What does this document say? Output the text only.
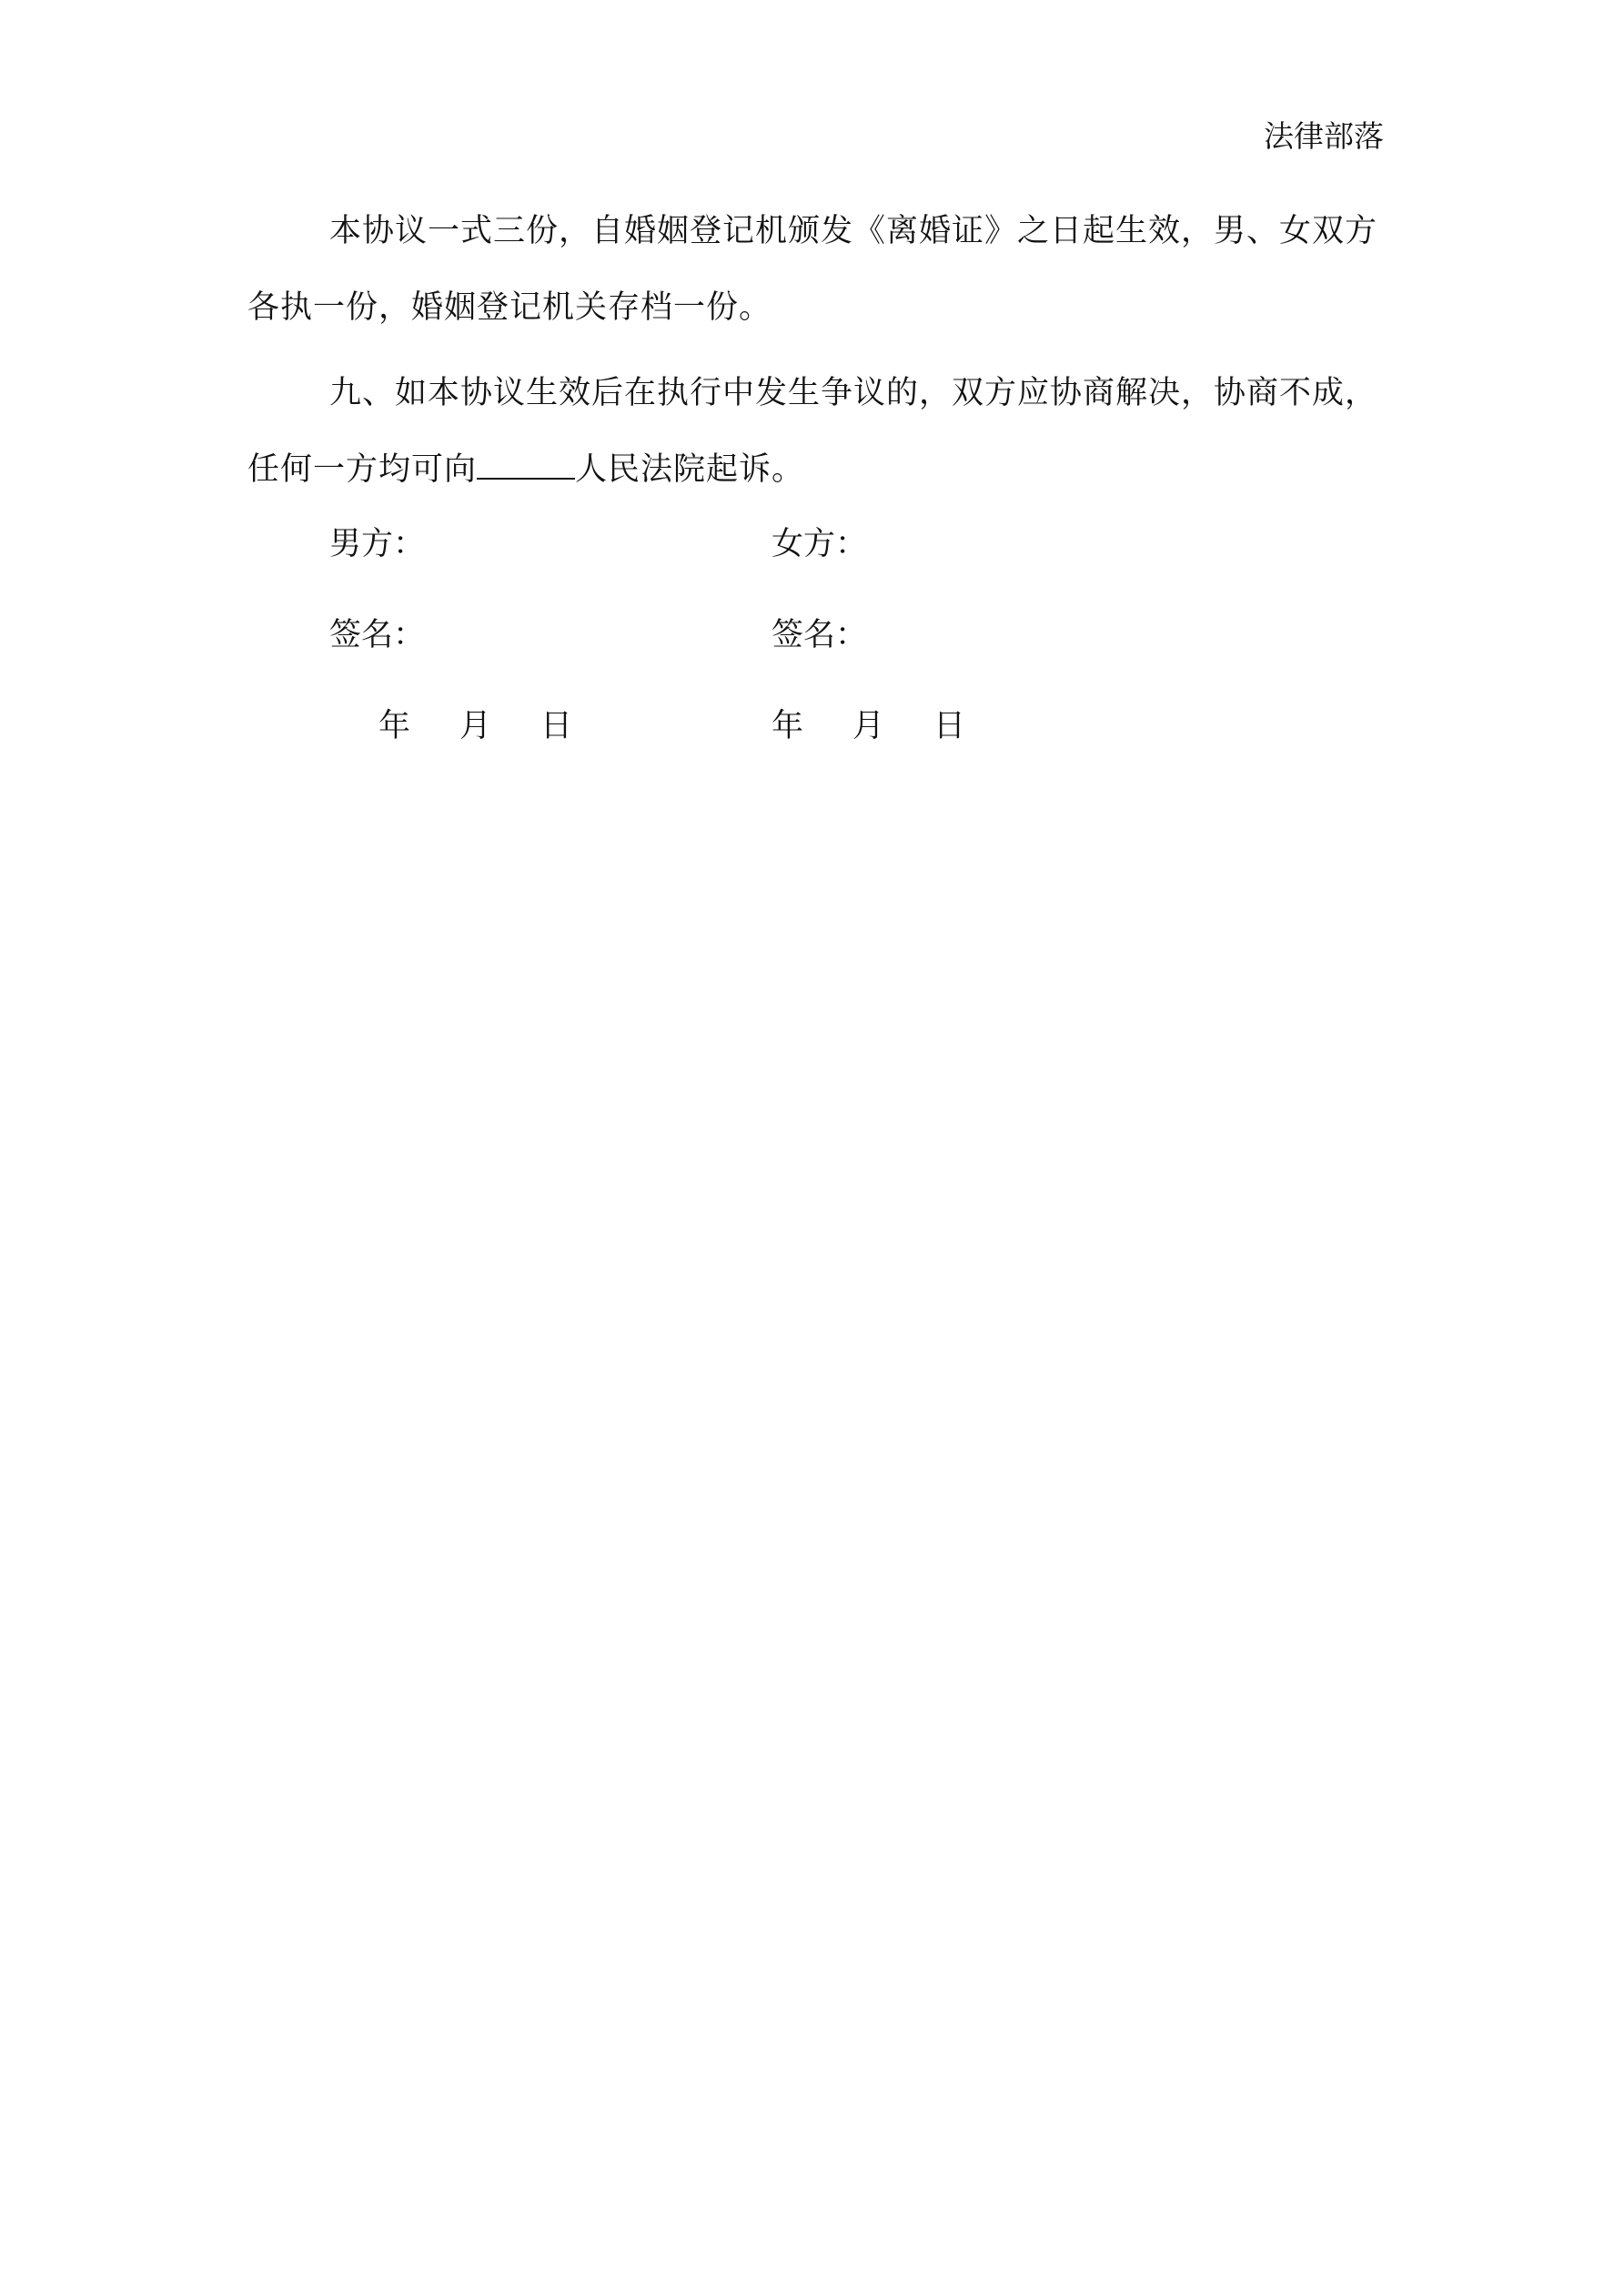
法律部落

本协议一式三份，自婚姻登记机颁发《离婚证》之日起生效，男、女双方各执一份，婚姻登记机关存档一份。

九、如本协议生效后在执行中发生争议的，双方应协商解决，协商不成，任何一方均可向	人民法院起诉。

男方：	女方：
签名：	签名：
年 月 日	年 月 日
